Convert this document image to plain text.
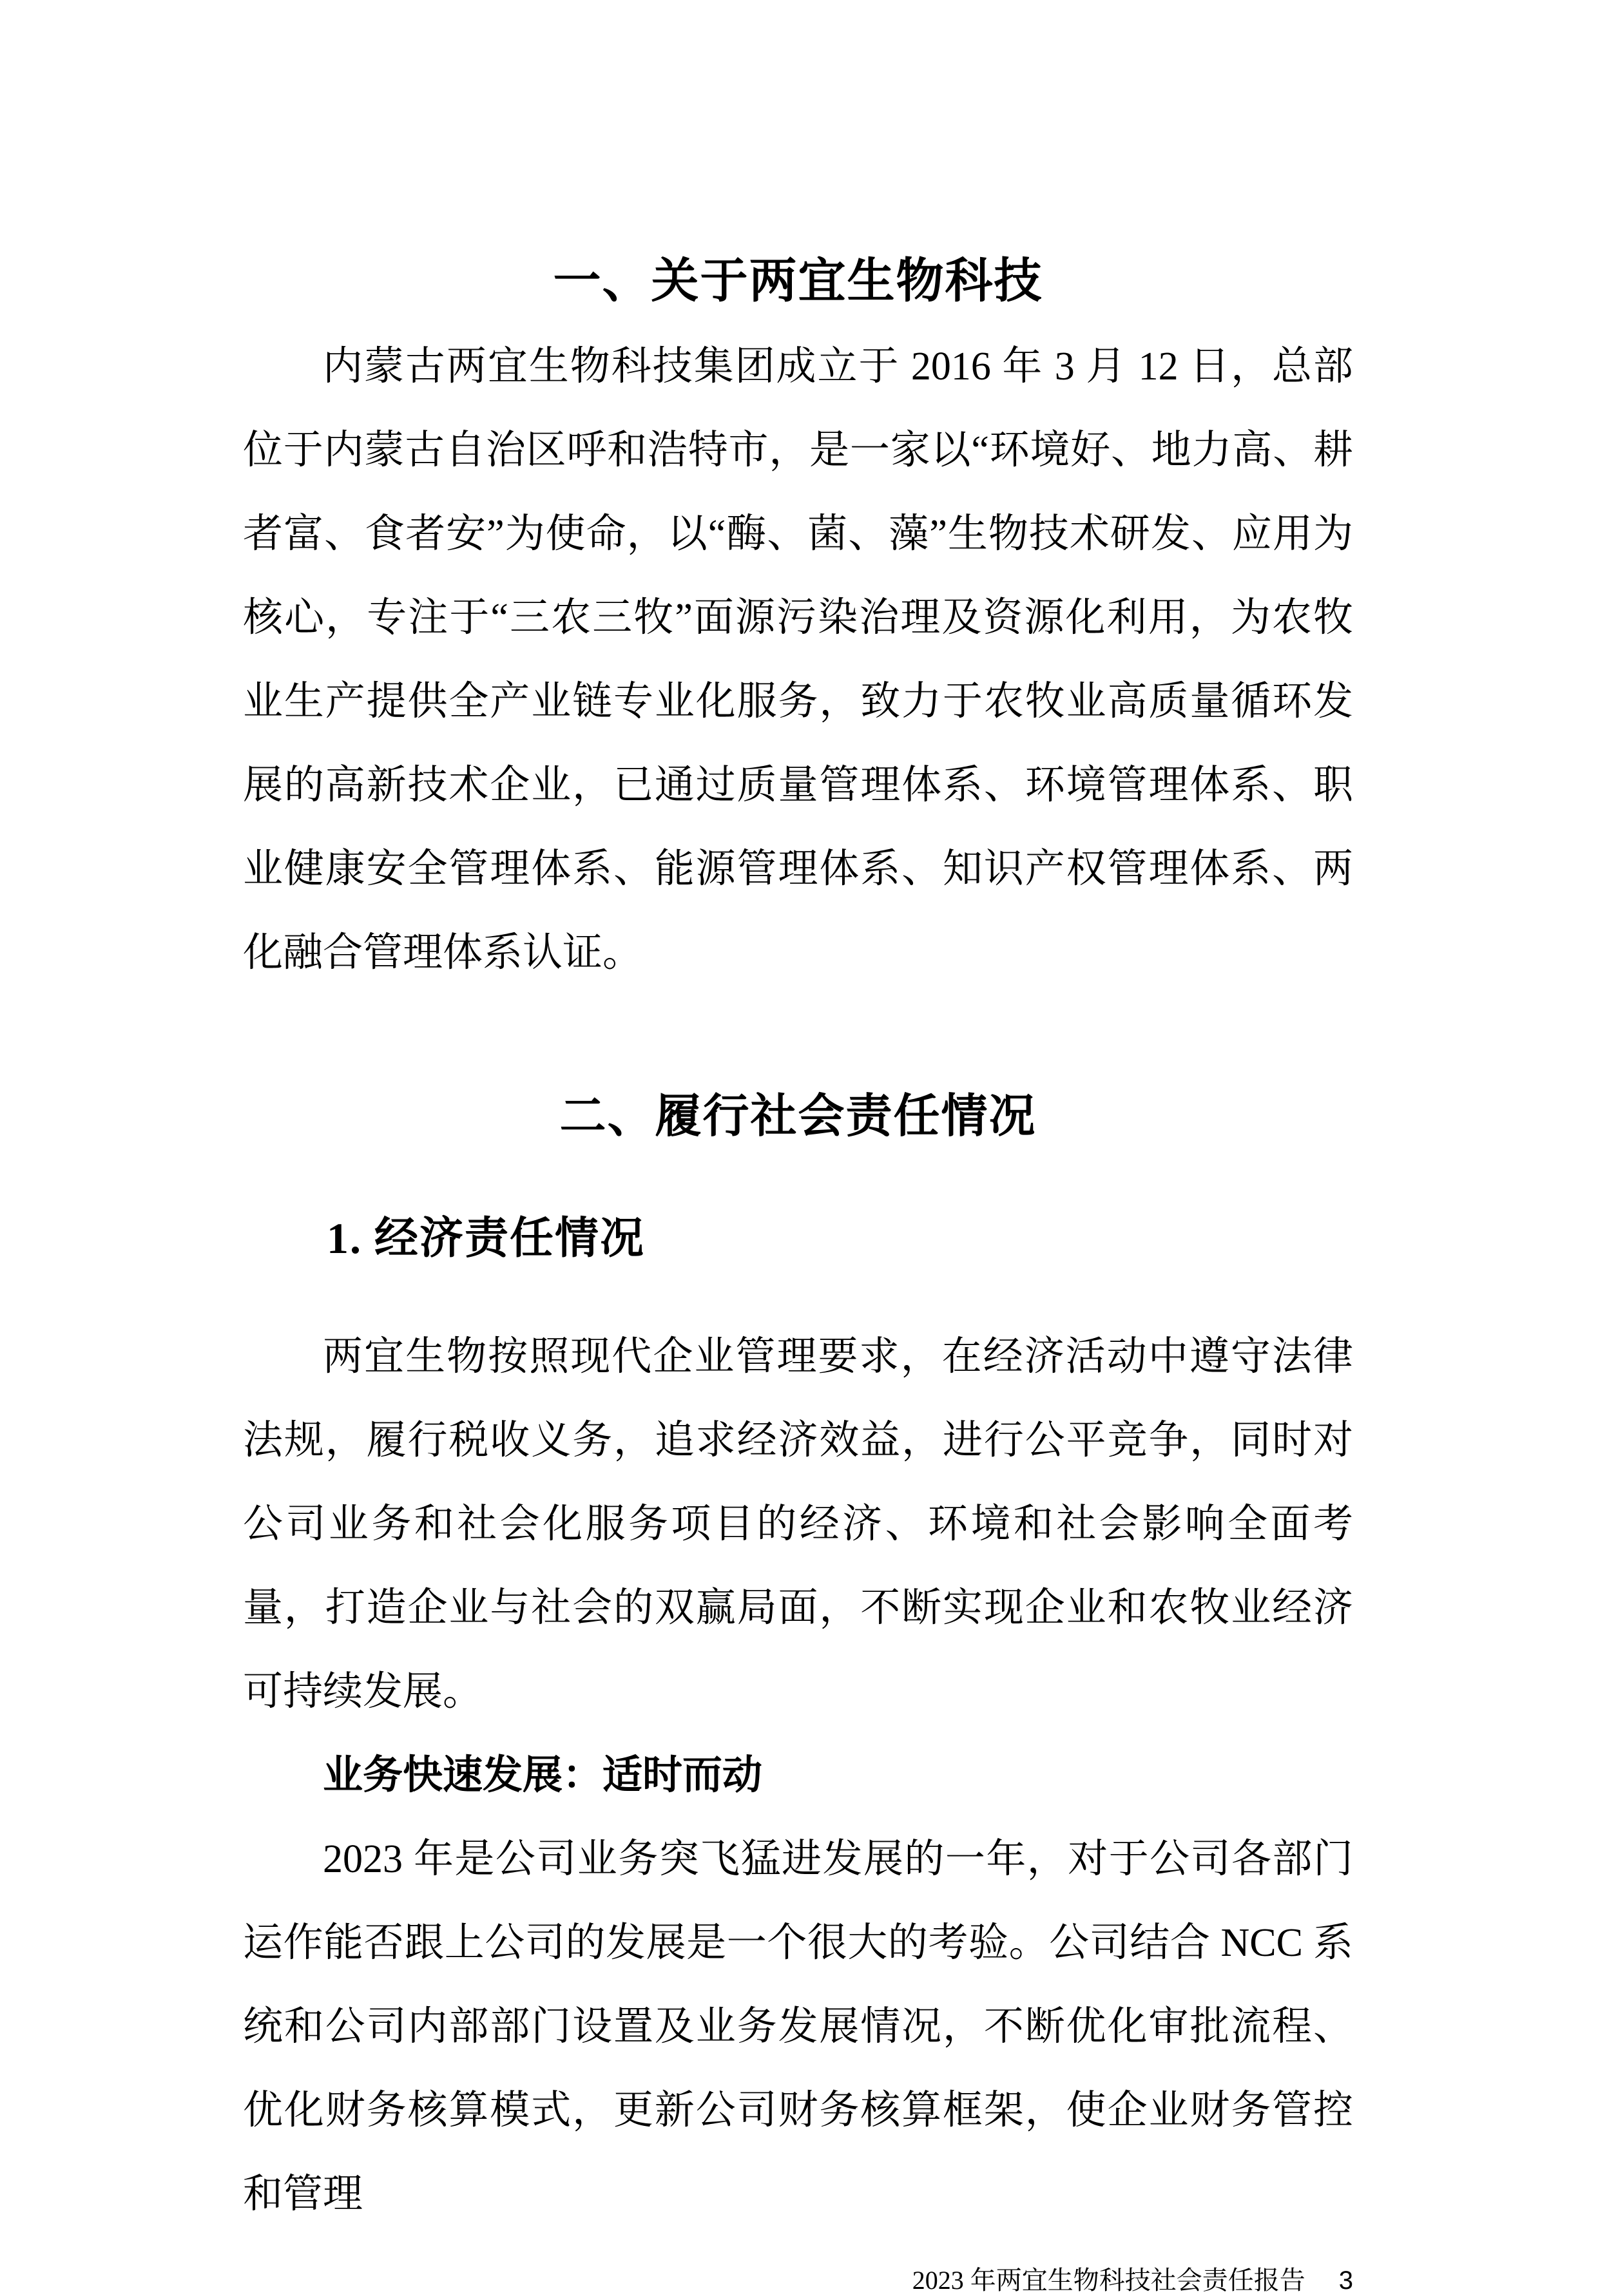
一、关于两宜生物科技

内蒙古两宜生物科技集团成立于 2016 年 3 月 12 日，总部位于内蒙古自治区呼和浩特市，是一家以“环境好、地力高、耕者富、食者安”为使命，以“酶、菌、藻”生物技术研发、应用为核心，专注于“三农三牧”面源污染治理及资源化利用，为农牧业生产提供全产业链专业化服务，致力于农牧业高质量循环发展的高新技术企业，已通过质量管理体系、环境管理体系、职业健康安全管理体系、能源管理体系、知识产权管理体系、两化融合管理体系认证。

二、履行社会责任情况
1. 经济责任情况

两宜生物按照现代企业管理要求，在经济活动中遵守法律法规，履行税收义务，追求经济效益，进行公平竞争，同时对公司业务和社会化服务项目的经济、环境和社会影响全面考量，打造企业与社会的双赢局面，不断实现企业和农牧业经济可持续发展。

业务快速发展：适时而动

2023 年是公司业务突飞猛进发展的一年，对于公司各部门运作能否跟上公司的发展是一个很大的考验。公司结合 NCC 系统和公司内部部门设置及业务发展情况，不断优化审批流程、优化财务核算模式，更新公司财务核算框架，使企业财务管控和管理

2023 年两宜生物科技社会责任报告 3
